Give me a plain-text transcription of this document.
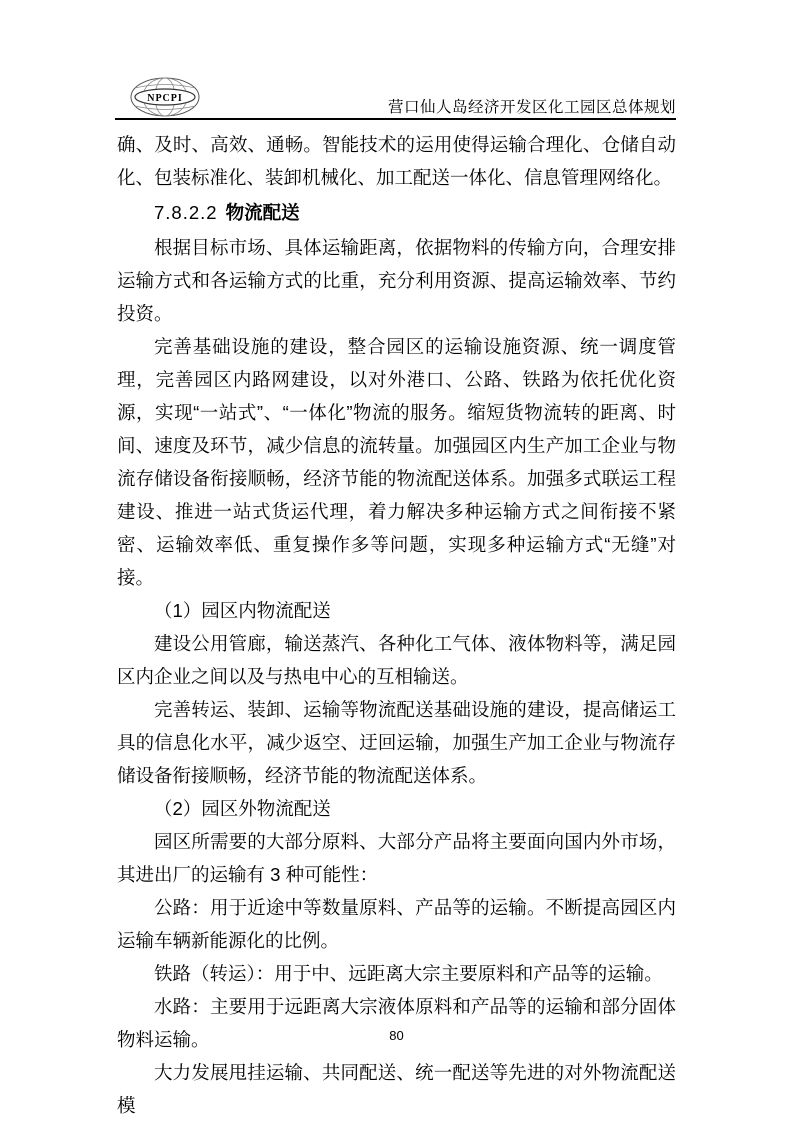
NPCPI
营口仙人岛经济开发区化工园区总体规划

确、及时、高效、通畅。智能技术的运用使得运输合理化、仓储自动化、包装标准化、装卸机械化、加工配送一体化、信息管理网络化。

7.8.2.2 物流配送

根据目标市场、具体运输距离，依据物料的传输方向，合理安排运输方式和各运输方式的比重，充分利用资源、提高运输效率、节约投资。

完善基础设施的建设，整合园区的运输设施资源、统一调度管理，完善园区内路网建设，以对外港口、公路、铁路为依托优化资源，实现“一站式”、“一体化”物流的服务。缩短货物流转的距离、时间、速度及环节，减少信息的流转量。加强园区内生产加工企业与物流存储设备衔接顺畅，经济节能的物流配送体系。加强多式联运工程建设、推进一站式货运代理，着力解决多种运输方式之间衔接不紧密、运输效率低、重复操作多等问题，实现多种运输方式“无缝”对接。

（1）园区内物流配送

建设公用管廊，输送蒸汽、各种化工气体、液体物料等，满足园区内企业之间以及与热电中心的互相输送。

完善转运、装卸、运输等物流配送基础设施的建设，提高储运工具的信息化水平，减少返空、迂回运输，加强生产加工企业与物流存储设备衔接顺畅，经济节能的物流配送体系。

（2）园区外物流配送

园区所需要的大部分原料、大部分产品将主要面向国内外市场，其进出厂的运输有 3 种可能性：

公路：用于近途中等数量原料、产品等的运输。不断提高园区内运输车辆新能源化的比例。

铁路（转运）：用于中、远距离大宗主要原料和产品等的运输。

水路：主要用于远距离大宗液体原料和产品等的运输和部分固体物料运输。

大力发展甩挂运输、共同配送、统一配送等先进的对外物流配送模

80
